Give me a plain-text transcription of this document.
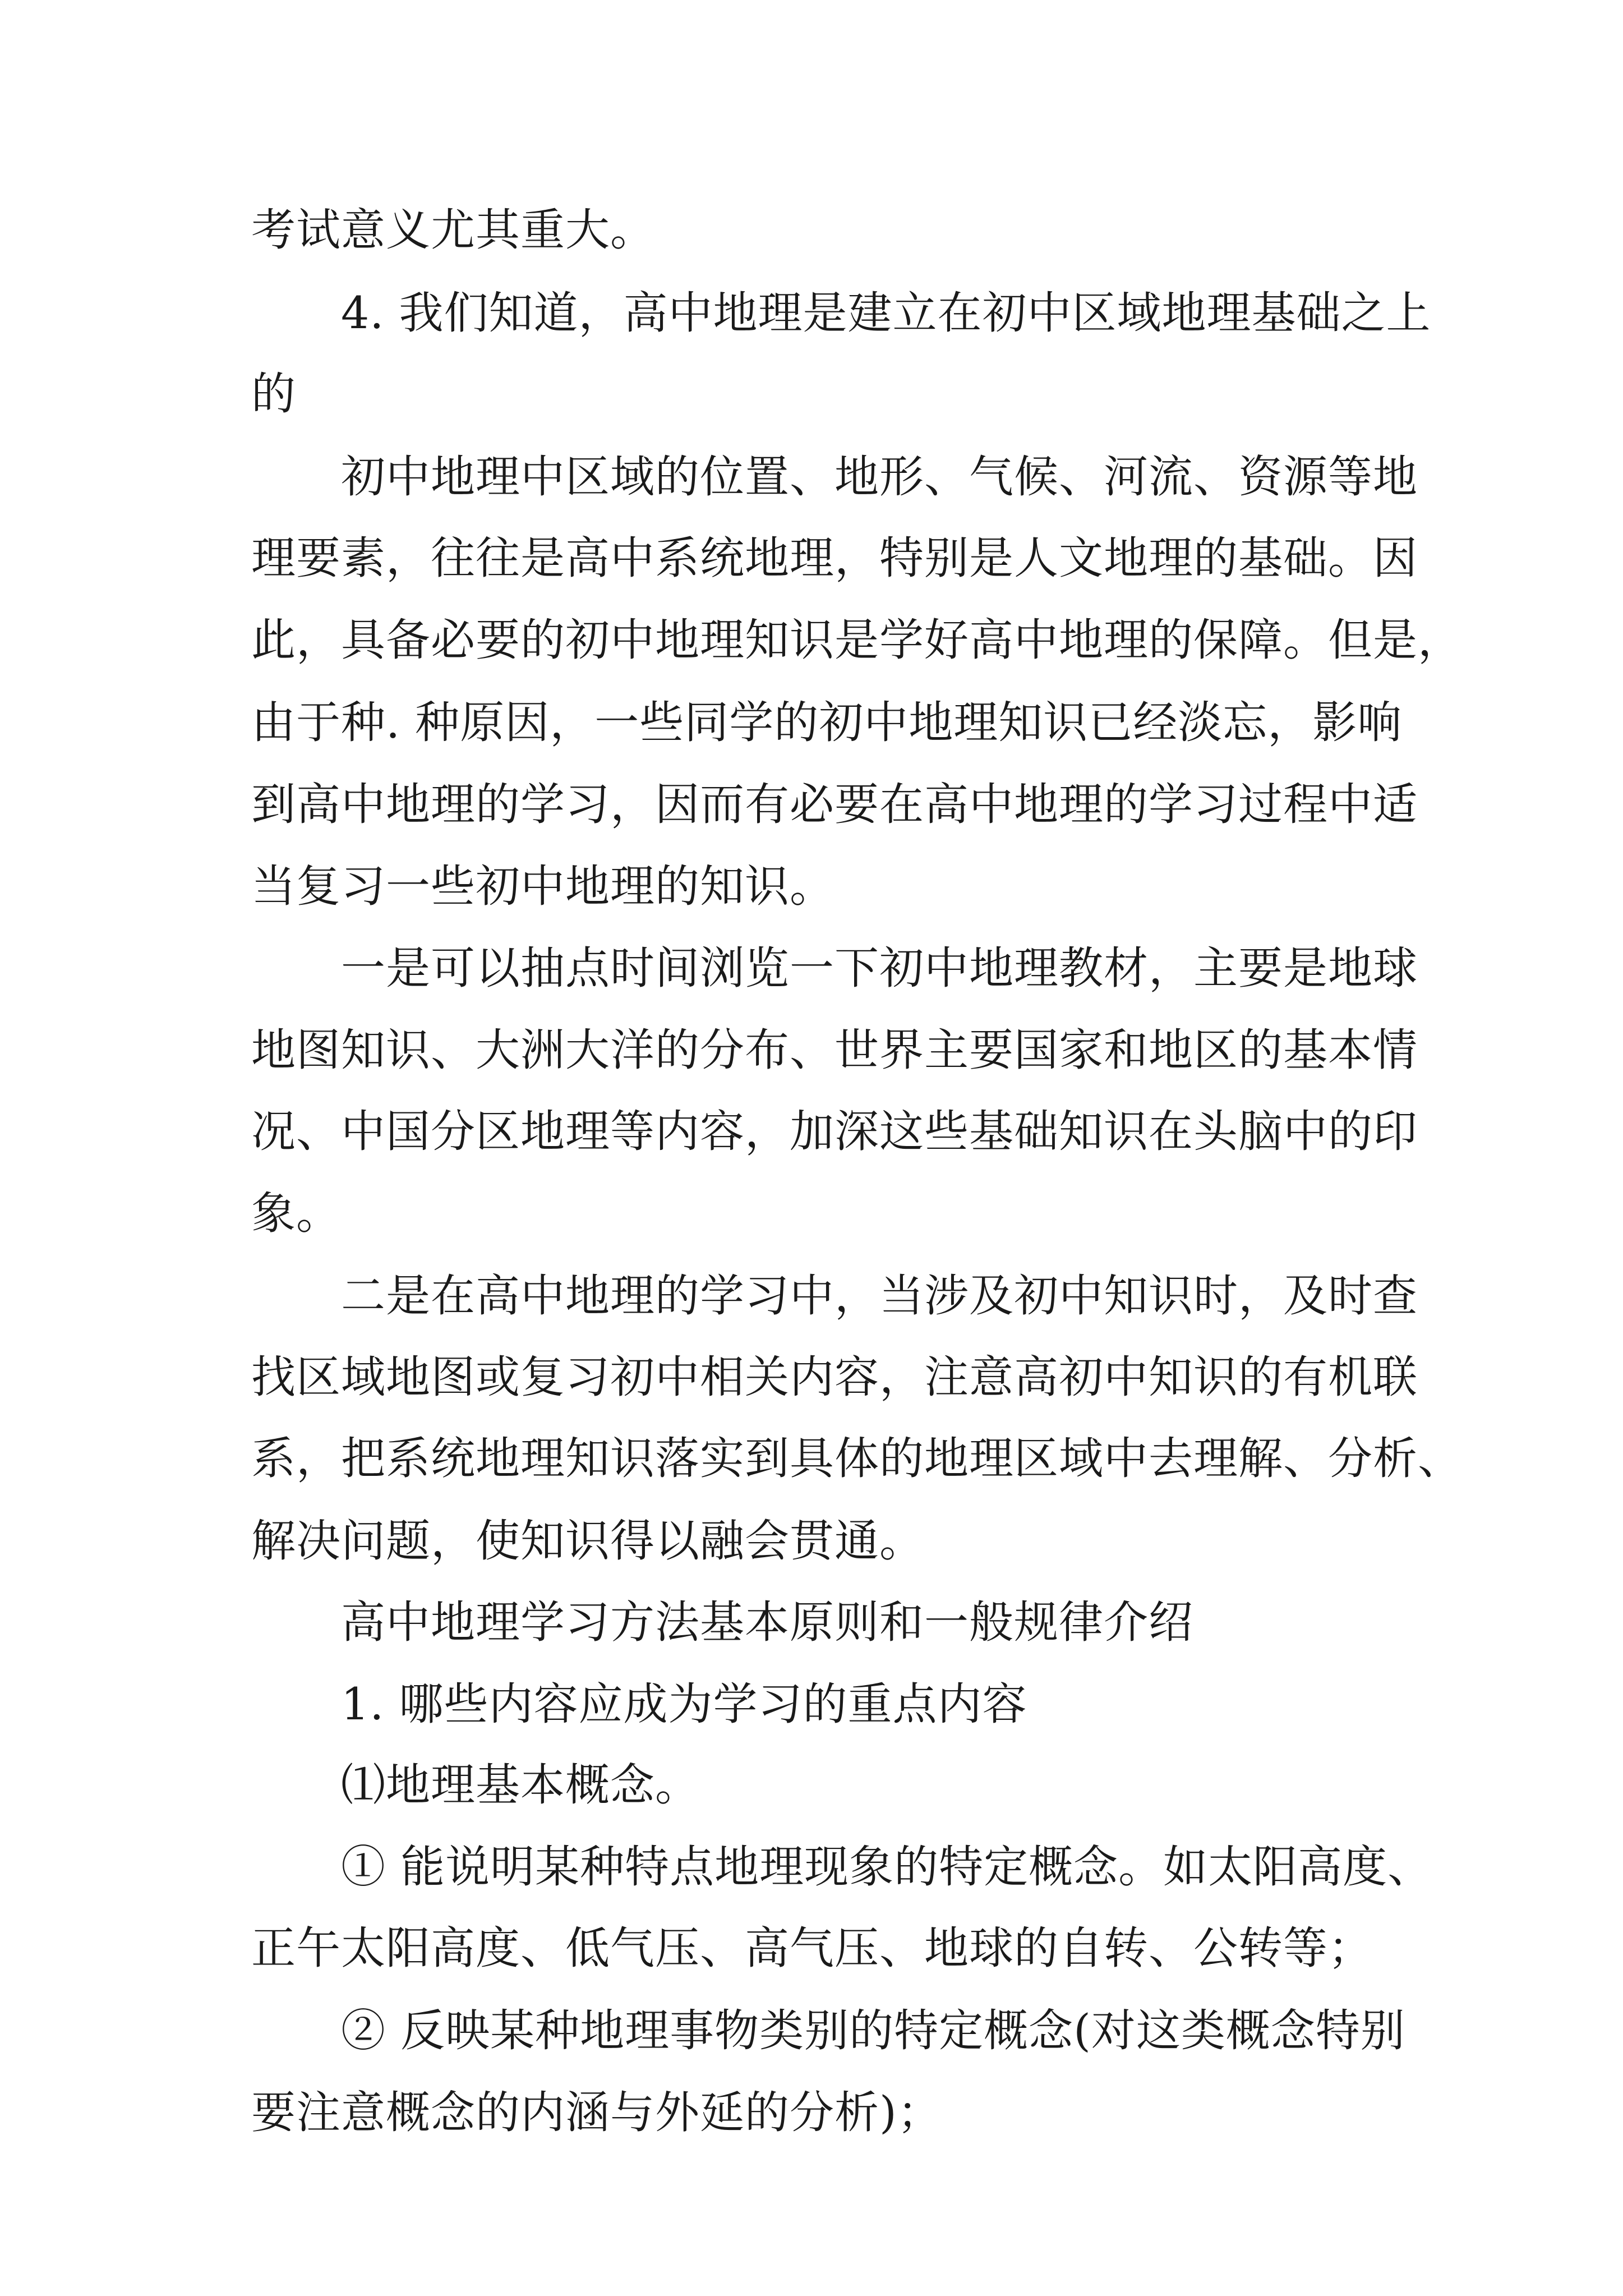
考试意义尤其重大。
4. 我们知道，高中地理是建立在初中区域地理基础之上
的
初中地理中区域的位置、地形、气候、河流、资源等地
理要素，往往是高中系统地理，特别是人文地理的基础。因
此，具备必要的初中地理知识是学好高中地理的保障。但是，
由于种. 种原因，一些同学的初中地理知识已经淡忘，影响
到高中地理的学习，因而有必要在高中地理的学习过程中适
当复习一些初中地理的知识。
一是可以抽点时间浏览一下初中地理教材，主要是地球
地图知识、大洲大洋的分布、世界主要国家和地区的基本情
况、中国分区地理等内容，加深这些基础知识在头脑中的印
象。
二是在高中地理的学习中，当涉及初中知识时，及时查
找区域地图或复习初中相关内容，注意高初中知识的有机联
系，把系统地理知识落实到具体的地理区域中去理解、分析、
解决问题，使知识得以融会贯通。
高中地理学习方法基本原则和一般规律介绍
1. 哪些内容应成为学习的重点内容
⑴地理基本概念。
① 能说明某种特点地理现象的特定概念。如太阳高度、
正午太阳高度、低气压、高气压、地球的自转、公转等；
② 反映某种地理事物类别的特定概念(对这类概念特别
要注意概念的内涵与外延的分析)；
